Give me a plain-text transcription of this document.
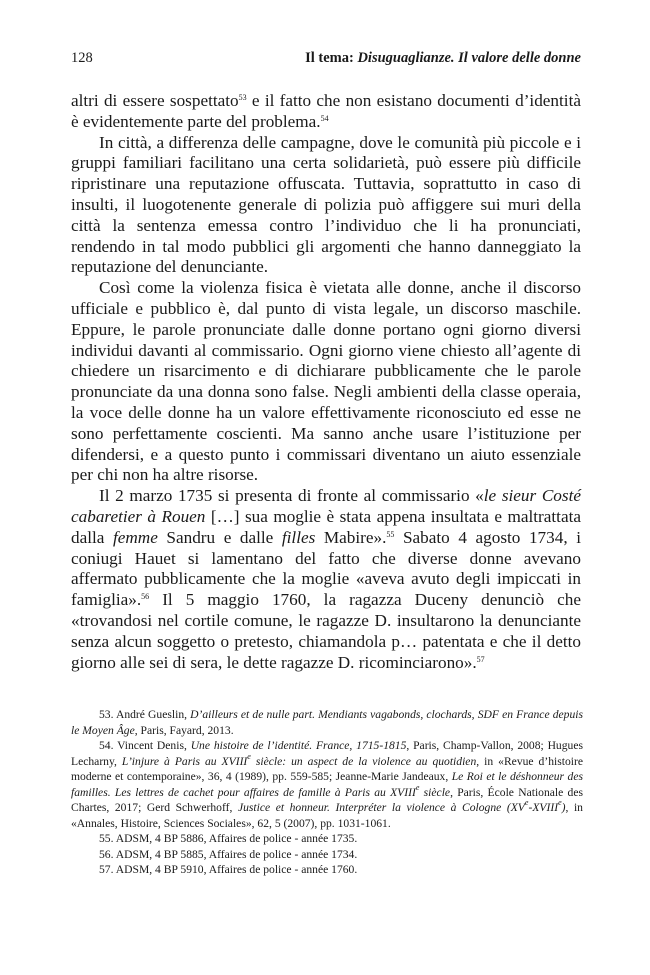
128	Il tema: Disuguaglianze. Il valore delle donne

altri di essere sospettato$^{53}$ e il fatto che non esistano documenti d’identità è evidentemente parte del problema.$^{54}$

In città, a differenza delle campagne, dove le comunità più piccole e i gruppi familiari facilitano una certa solidarietà, può essere più difficile ripristinare una reputazione offuscata. Tuttavia, soprattutto in caso di insulti, il luogotenente generale di polizia può affiggere sui muri della città la sentenza emessa contro l’individuo che li ha pronunciati, rendendo in tal modo pubblici gli argomenti che hanno danneggiato la reputazione del denunciante.

Così come la violenza fisica è vietata alle donne, anche il discorso ufficiale e pubblico è, dal punto di vista legale, un discorso maschile. Eppure, le parole pronunciate dalle donne portano ogni giorno diversi individui davanti al commissario. Ogni giorno viene chiesto all’agente di chiedere un risarcimento e di dichiarare pubblicamente che le parole pronunciate da una donna sono false. Negli ambienti della classe operaia, la voce delle donne ha un valore effettivamente riconosciuto ed esse ne sono perfettamente coscienti. Ma sanno anche usare l’istituzione per difendersi, e a questo punto i commissari diventano un aiuto essenziale per chi non ha altre risorse.

Il 2 marzo 1735 si presenta di fronte al commissario «le sieur Costé cabaretier à Rouen […] sua moglie è stata appena insultata e maltrattata dalla femme Sandru e dalle filles Mabire».$^{55}$ Sabato 4 agosto 1734, i coniugi Hauet si lamentano del fatto che diverse donne avevano affermato pubblicamente che la moglie «aveva avuto degli impiccati in famiglia».$^{56}$ Il 5 maggio 1760, la ragazza Duceny denunciò che «trovandosi nel cortile comune, le ragazze D. insultarono la denunciante senza alcun soggetto o pretesto, chiamandola p… patentata e che il detto giorno alle sei di sera, le dette ragazze D. ricominciarono».$^{57}$

53. André Gueslin, D’ailleurs et de nulle part. Mendiants vagabonds, clochards, SDF en France depuis le Moyen Âge, Paris, Fayard, 2013.

54. Vincent Denis, Une histoire de l’identité. France, 1715-1815, Paris, Champ-Vallon, 2008; Hugues Lecharny, L’injure à Paris au XVIIIe siècle: un aspect de la violence au quotidien, in «Revue d’histoire moderne et contemporaine», 36, 4 (1989), pp. 559-585; Jeanne-Marie Jandeaux, Le Roi et le déshonneur des familles. Les lettres de cachet pour affaires de famille à Paris au XVIIIe siècle, Paris, École Nationale des Chartes, 2017; Gerd Schwerhoff, Justice et honneur. Interpréter la violence à Cologne (XVe-XVIIIe), in «Annales, Histoire, Sciences Sociales», 62, 5 (2007), pp. 1031-1061.

55. ADSM, 4 BP 5886, Affaires de police - année 1735.

56. ADSM, 4 BP 5885, Affaires de police - année 1734.

57. ADSM, 4 BP 5910, Affaires de police - année 1760.
